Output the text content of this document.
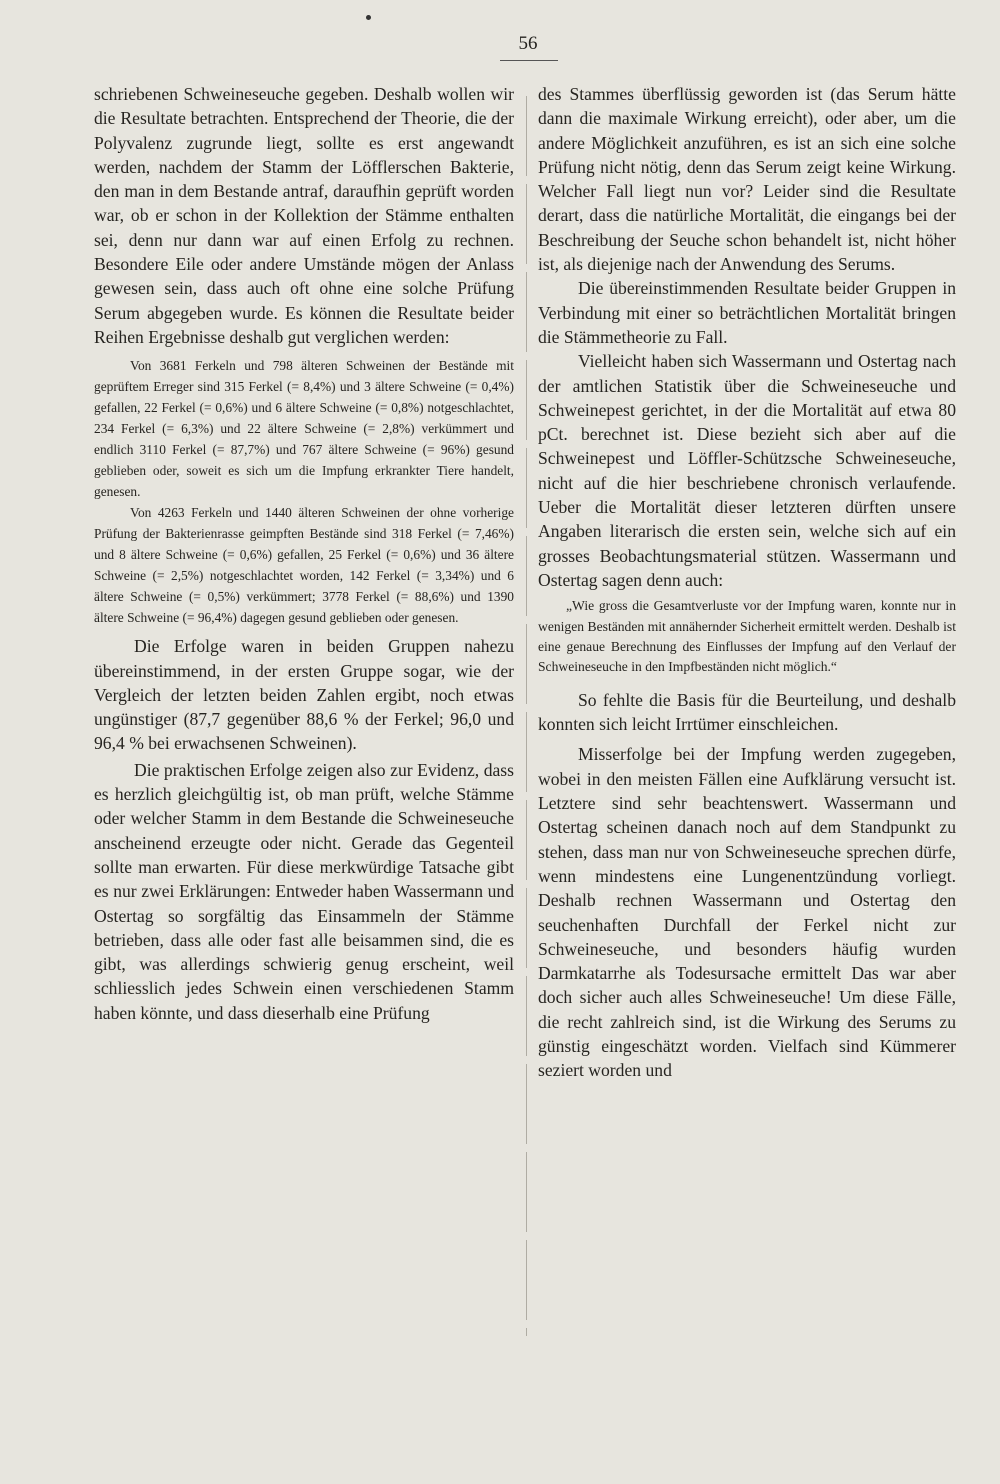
56

schriebenen Schweineseuche gegeben. Deshalb wollen wir die Resultate betrachten. Entsprechend der Theorie, die der Polyvalenz zugrunde liegt, sollte es erst angewandt werden, nachdem der Stamm der Löfflerschen Bakterie, den man in dem Bestande antraf, daraufhin geprüft worden war, ob er schon in der Kollektion der Stämme enthalten sei, denn nur dann war auf einen Erfolg zu rechnen. Besondere Eile oder andere Umstände mögen der Anlass gewesen sein, dass auch oft ohne eine solche Prüfung Serum abgegeben wurde. Es können die Resultate beider Reihen Ergebnisse deshalb gut verglichen werden:

Von 3681 Ferkeln und 798 älteren Schweinen der Bestände mit geprüftem Erreger sind 315 Ferkel (= 8,4%) und 3 ältere Schweine (= 0,4%) gefallen, 22 Ferkel (= 0,6%) und 6 ältere Schweine (= 0,8%) notgeschlachtet, 234 Ferkel (= 6,3%) und 22 ältere Schweine (= 2,8%) verkümmert und endlich 3110 Ferkel (= 87,7%) und 767 ältere Schweine (= 96%) gesund geblieben oder, soweit es sich um die Impfung erkrankter Tiere handelt, genesen.

Von 4263 Ferkeln und 1440 älteren Schweinen der ohne vorherige Prüfung der Bakterienrasse geimpften Bestände sind 318 Ferkel (= 7,46%) und 8 ältere Schweine (= 0,6%) gefallen, 25 Ferkel (= 0,6%) und 36 ältere Schweine (= 2,5%) notgeschlachtet worden, 142 Ferkel (= 3,34%) und 6 ältere Schweine (= 0,5%) verkümmert; 3778 Ferkel (= 88,6%) und 1390 ältere Schweine (= 96,4%) dagegen gesund geblieben oder genesen.

Die Erfolge waren in beiden Gruppen nahezu übereinstimmend, in der ersten Gruppe sogar, wie der Vergleich der letzten beiden Zahlen ergibt, noch etwas ungünstiger (87,7 gegenüber 88,6 % der Ferkel; 96,0 und 96,4 % bei erwachsenen Schweinen).

Die praktischen Erfolge zeigen also zur Evidenz, dass es herzlich gleichgültig ist, ob man prüft, welche Stämme oder welcher Stamm in dem Bestande die Schweineseuche anscheinend erzeugte oder nicht. Gerade das Gegenteil sollte man erwarten. Für diese merkwürdige Tatsache gibt es nur zwei Erklärungen: Entweder haben Wassermann und Ostertag so sorgfältig das Einsammeln der Stämme betrieben, dass alle oder fast alle beisammen sind, die es gibt, was allerdings schwierig genug erscheint, weil schliesslich jedes Schwein einen verschiedenen Stamm haben könnte, und dass dieserhalb eine Prüfung

des Stammes überflüssig geworden ist (das Serum hätte dann die maximale Wirkung erreicht), oder aber, um die andere Möglichkeit anzuführen, es ist an sich eine solche Prüfung nicht nötig, denn das Serum zeigt keine Wirkung. Welcher Fall liegt nun vor? Leider sind die Resultate derart, dass die natürliche Mortalität, die eingangs bei der Beschreibung der Seuche schon behandelt ist, nicht höher ist, als diejenige nach der Anwendung des Serums.

Die übereinstimmenden Resultate beider Gruppen in Verbindung mit einer so beträchtlichen Mortalität bringen die Stämmetheorie zu Fall.

Vielleicht haben sich Wassermann und Ostertag nach der amtlichen Statistik über die Schweineseuche und Schweinepest gerichtet, in der die Mortalität auf etwa 80 pCt. berechnet ist. Diese bezieht sich aber auf die Schweinepest und Löffler-Schützsche Schweineseuche, nicht auf die hier beschriebene chronisch verlaufende. Ueber die Mortalität dieser letzteren dürften unsere Angaben literarisch die ersten sein, welche sich auf ein grosses Beobachtungsmaterial stützen. Wassermann und Ostertag sagen denn auch:

„Wie gross die Gesamtverluste vor der Impfung waren, konnte nur in wenigen Beständen mit annähernder Sicherheit ermittelt werden. Deshalb ist eine genaue Berechnung des Einflusses der Impfung auf den Verlauf der Schweineseuche in den Impfbeständen nicht möglich.“

So fehlte die Basis für die Beurteilung, und deshalb konnten sich leicht Irrtümer einschleichen.

Misserfolge bei der Impfung werden zugegeben, wobei in den meisten Fällen eine Aufklärung versucht ist. Letztere sind sehr beachtenswert. Wassermann und Ostertag scheinen danach noch auf dem Standpunkt zu stehen, dass man nur von Schweineseuche sprechen dürfe, wenn mindestens eine Lungenentzündung vorliegt. Deshalb rechnen Wassermann und Ostertag den seuchenhaften Durchfall der Ferkel nicht zur Schweineseuche, und besonders häufig wurden Darmkatarrhe als Todesursache ermittelt Das war aber doch sicher auch alles Schweineseuche! Um diese Fälle, die recht zahlreich sind, ist die Wirkung des Serums zu günstig eingeschätzt worden. Vielfach sind Kümmerer seziert worden und
